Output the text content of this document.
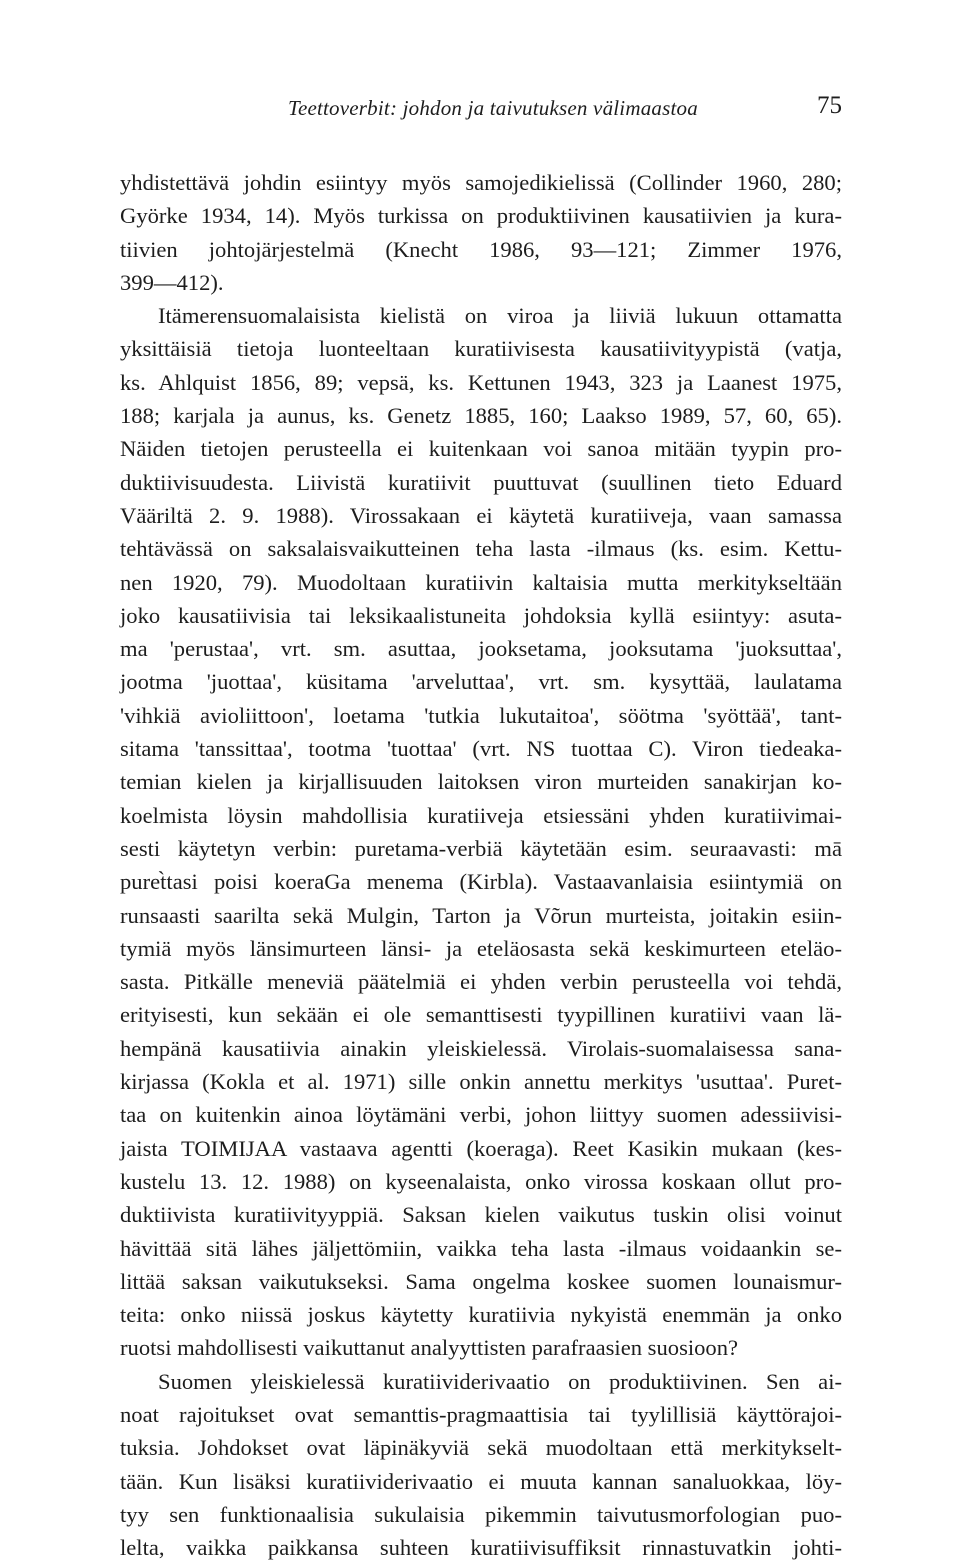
Teettoverbit: johdon ja taivutuksen välimaastoa	75
yhdistettävä johdin esiintyy myös samojedikielissä (Collinder 1960, 280;
Györke 1934, 14). Myös turkissa on produktiivinen kausatiivien ja kura-
tiivien johtojärjestelmä (Knecht 1986, 93—121; Zimmer 1976,
399—412).
Itämerensuomalaisista kielistä on viroa ja liiviä lukuun ottamatta
yksittäisiä tietoja luonteeltaan kuratiivisesta kausatiivityypistä (vatja,
ks. Ahlquist 1856, 89; vepsä, ks. Kettunen 1943, 323 ja Laanest 1975,
188; karjala ja aunus, ks. Genetz 1885, 160; Laakso 1989, 57, 60, 65).
Näiden tietojen perusteella ei kuitenkaan voi sanoa mitään tyypin pro-
duktiivisuudesta. Liivistä kuratiivit puuttuvat (suullinen tieto Eduard
Vääriltä 2. 9. 1988). Virossakaan ei käytetä kuratiiveja, vaan samassa
tehtävässä on saksalaisvaikutteinen teha lasta -ilmaus (ks. esim. Kettu-
nen 1920, 79). Muodoltaan kuratiivin kaltaisia mutta merkitykseltään
joko kausatiivisia tai leksikaalistuneita johdoksia kyllä esiintyy: asuta-
ma 'perustaa', vrt. sm. asuttaa, jooksetama, jooksutama 'juoksuttaa',
jootma 'juottaa', küsitama 'arveluttaa', vrt. sm. kysyttää, laulatama
'vihkiä avioliittoon', loetama 'tutkia lukutaitoa', söötma 'syöttää', tant-
sitama 'tanssittaa', tootma 'tuottaa' (vrt. NS tuottaa C). Viron tiedeaka-
temian kielen ja kirjallisuuden laitoksen viron murteiden sanakirjan ko-
koelmista löysin mahdollisia kuratiiveja etsiessäni yhden kuratiivimai-
sesti käytetyn verbin: puretama-verbiä käytetään esim. seuraavasti: mā
puret̀tasi poisi koeraGa menema (Kirbla). Vastaavanlaisia esiintymiä on
runsaasti saarilta sekä Mulgin, Tarton ja Võrun murteista, joitakin esiin-
tymiä myös länsimurteen länsi- ja eteläosasta sekä keskimurteen eteläo-
sasta. Pitkälle meneviä päätelmiä ei yhden verbin perusteella voi tehdä,
erityisesti, kun sekään ei ole semanttisesti tyypillinen kuratiivi vaan lä-
hempänä kausatiivia ainakin yleiskielessä. Virolais-suomalaisessa sana-
kirjassa (Kokla et al. 1971) sille onkin annettu merkitys 'usuttaa'. Puret-
taa on kuitenkin ainoa löytämäni verbi, johon liittyy suomen adessiivisi-
jaista TOIMIJAA vastaava agentti (koeraga). Reet Kasikin mukaan (kes-
kustelu 13. 12. 1988) on kyseenalaista, onko virossa koskaan ollut pro-
duktiivista kuratiivityyppiä. Saksan kielen vaikutus tuskin olisi voinut
hävittää sitä lähes jäljettömiin, vaikka teha lasta -ilmaus voidaankin se-
littää saksan vaikutukseksi. Sama ongelma koskee suomen lounaismur-
teita: onko niissä joskus käytetty kuratiivia nykyistä enemmän ja onko
ruotsi mahdollisesti vaikuttanut analyyttisten parafraasien suosioon?
Suomen yleiskielessä kuratiividerivaatio on produktiivinen. Sen ai-
noat rajoitukset ovat semanttis-pragmaattisia tai tyylillisiä käyttörajoi-
tuksia. Johdokset ovat läpinäkyviä sekä muodoltaan että merkitykselt-
tään. Kun lisäksi kuratiividerivaatio ei muuta kannan sanaluokkaa, löy-
tyy sen funktionaalisia sukulaisia pikemmin taivutusmorfologian puo-
lelta, vaikka paikkansa suhteen kuratiivisuffiksit rinnastuvatkin johti-
